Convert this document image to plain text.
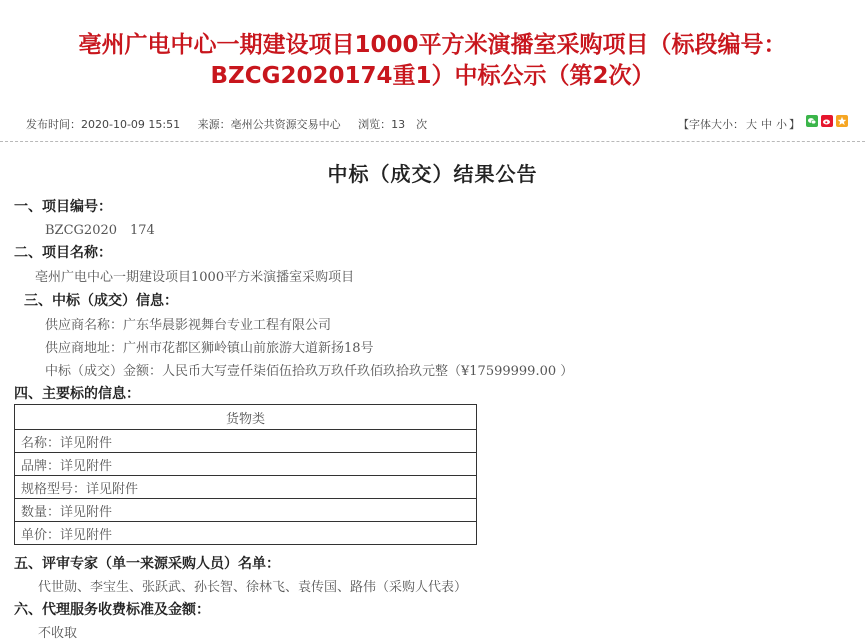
亳州广电中心一期建设项目1000平方米演播室采购项目（标段编号：
BZCG2020174重1）中标公示（第2次）
发布时间：2020-10-09 15:51 来源：亳州公共资源交易中心 浏览：13　次	【字体大小： 大 中 小 】
中标（成交）结果公告
一、项目编号：
BZCG2020　174
二、项目名称：
亳州广电中心一期建设项目1000平方米演播室采购项目
三、中标（成交）信息：
供应商名称：广东华晨影视舞台专业工程有限公司
供应商地址：广州市花都区狮岭镇山前旅游大道新扬18号
中标（成交）金额：人民币大写壹仟柒佰伍拾玖万玖仟玖佰玖拾玖元整（¥17599999.00 ）
四、主要标的信息：
货物类
名称：详见附件
品牌：详见附件
规格型号：详见附件
数量：详见附件
单价：详见附件
五、评审专家（单一来源采购人员）名单：
代世勋、李宝生、张跃武、孙长智、徐林飞、袁传国、路伟（采购人代表）
六、代理服务收费标准及金额：
不收取
